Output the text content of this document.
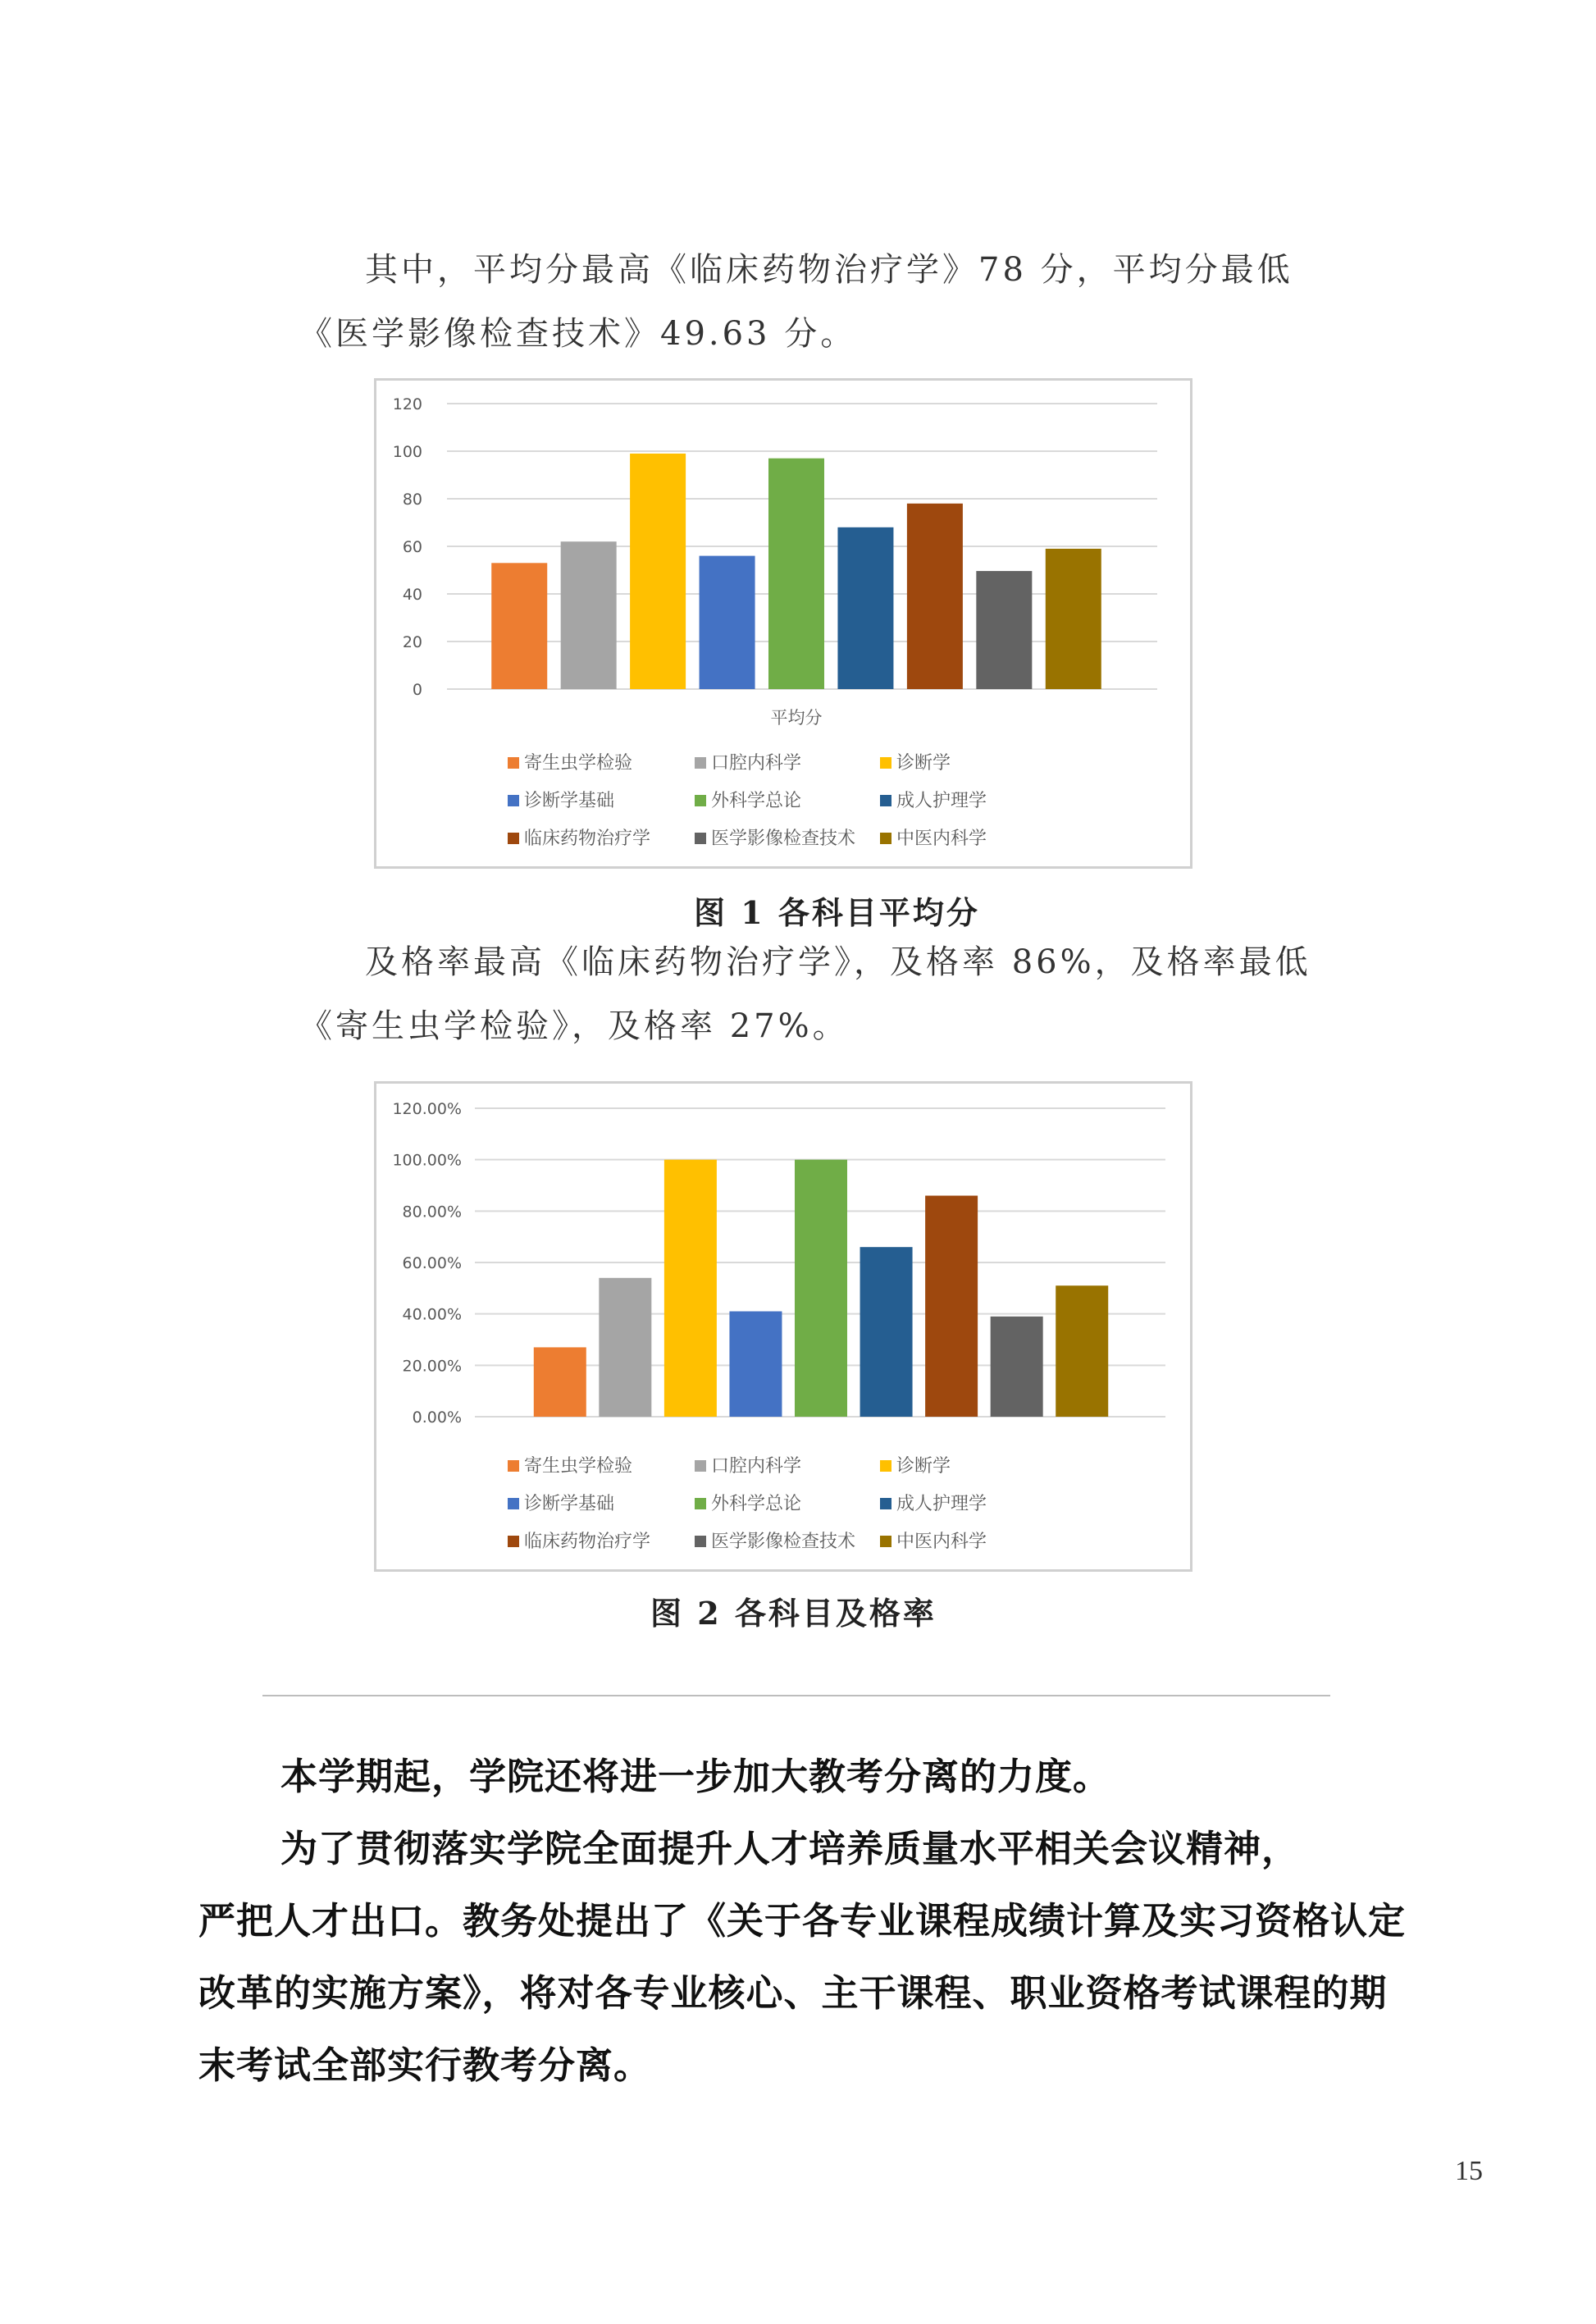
其中，平均分最高《临床药物治疗学》78 分，平均分最低
《医学影像检查技术》49.63 分。
0
20
40
60
80
100
120
平均分
寄生虫学检验	口腔内科学	诊断学
诊断学基础	外科学总论	成人护理学
临床药物治疗学	医学影像检查技术 中医内科学
图 1 各科目平均分
及格率最高《临床药物治疗学》，及格率 86%，及格率最低
《寄生虫学检验》，及格率 27%。
0.00%
20.00%
40.00%
60.00%
80.00%
100.00%
120.00%
寄生虫学检验	口腔内科学	诊断学
诊断学基础	外科学总论	成人护理学
临床药物治疗学	医学影像检查技术 中医内科学
图 2 各科目及格率
本学期起，学院还将进一步加大教考分离的力度。
为了贯彻落实学院全面提升人才培养质量水平相关会议精神，
严把人才出口。教务处提出了《关于各专业课程成绩计算及实习资格认定改革的实施方案》，将对各专业核心、主干课程、职业资格考试课程的期末考试全部实行教考分离。
15
